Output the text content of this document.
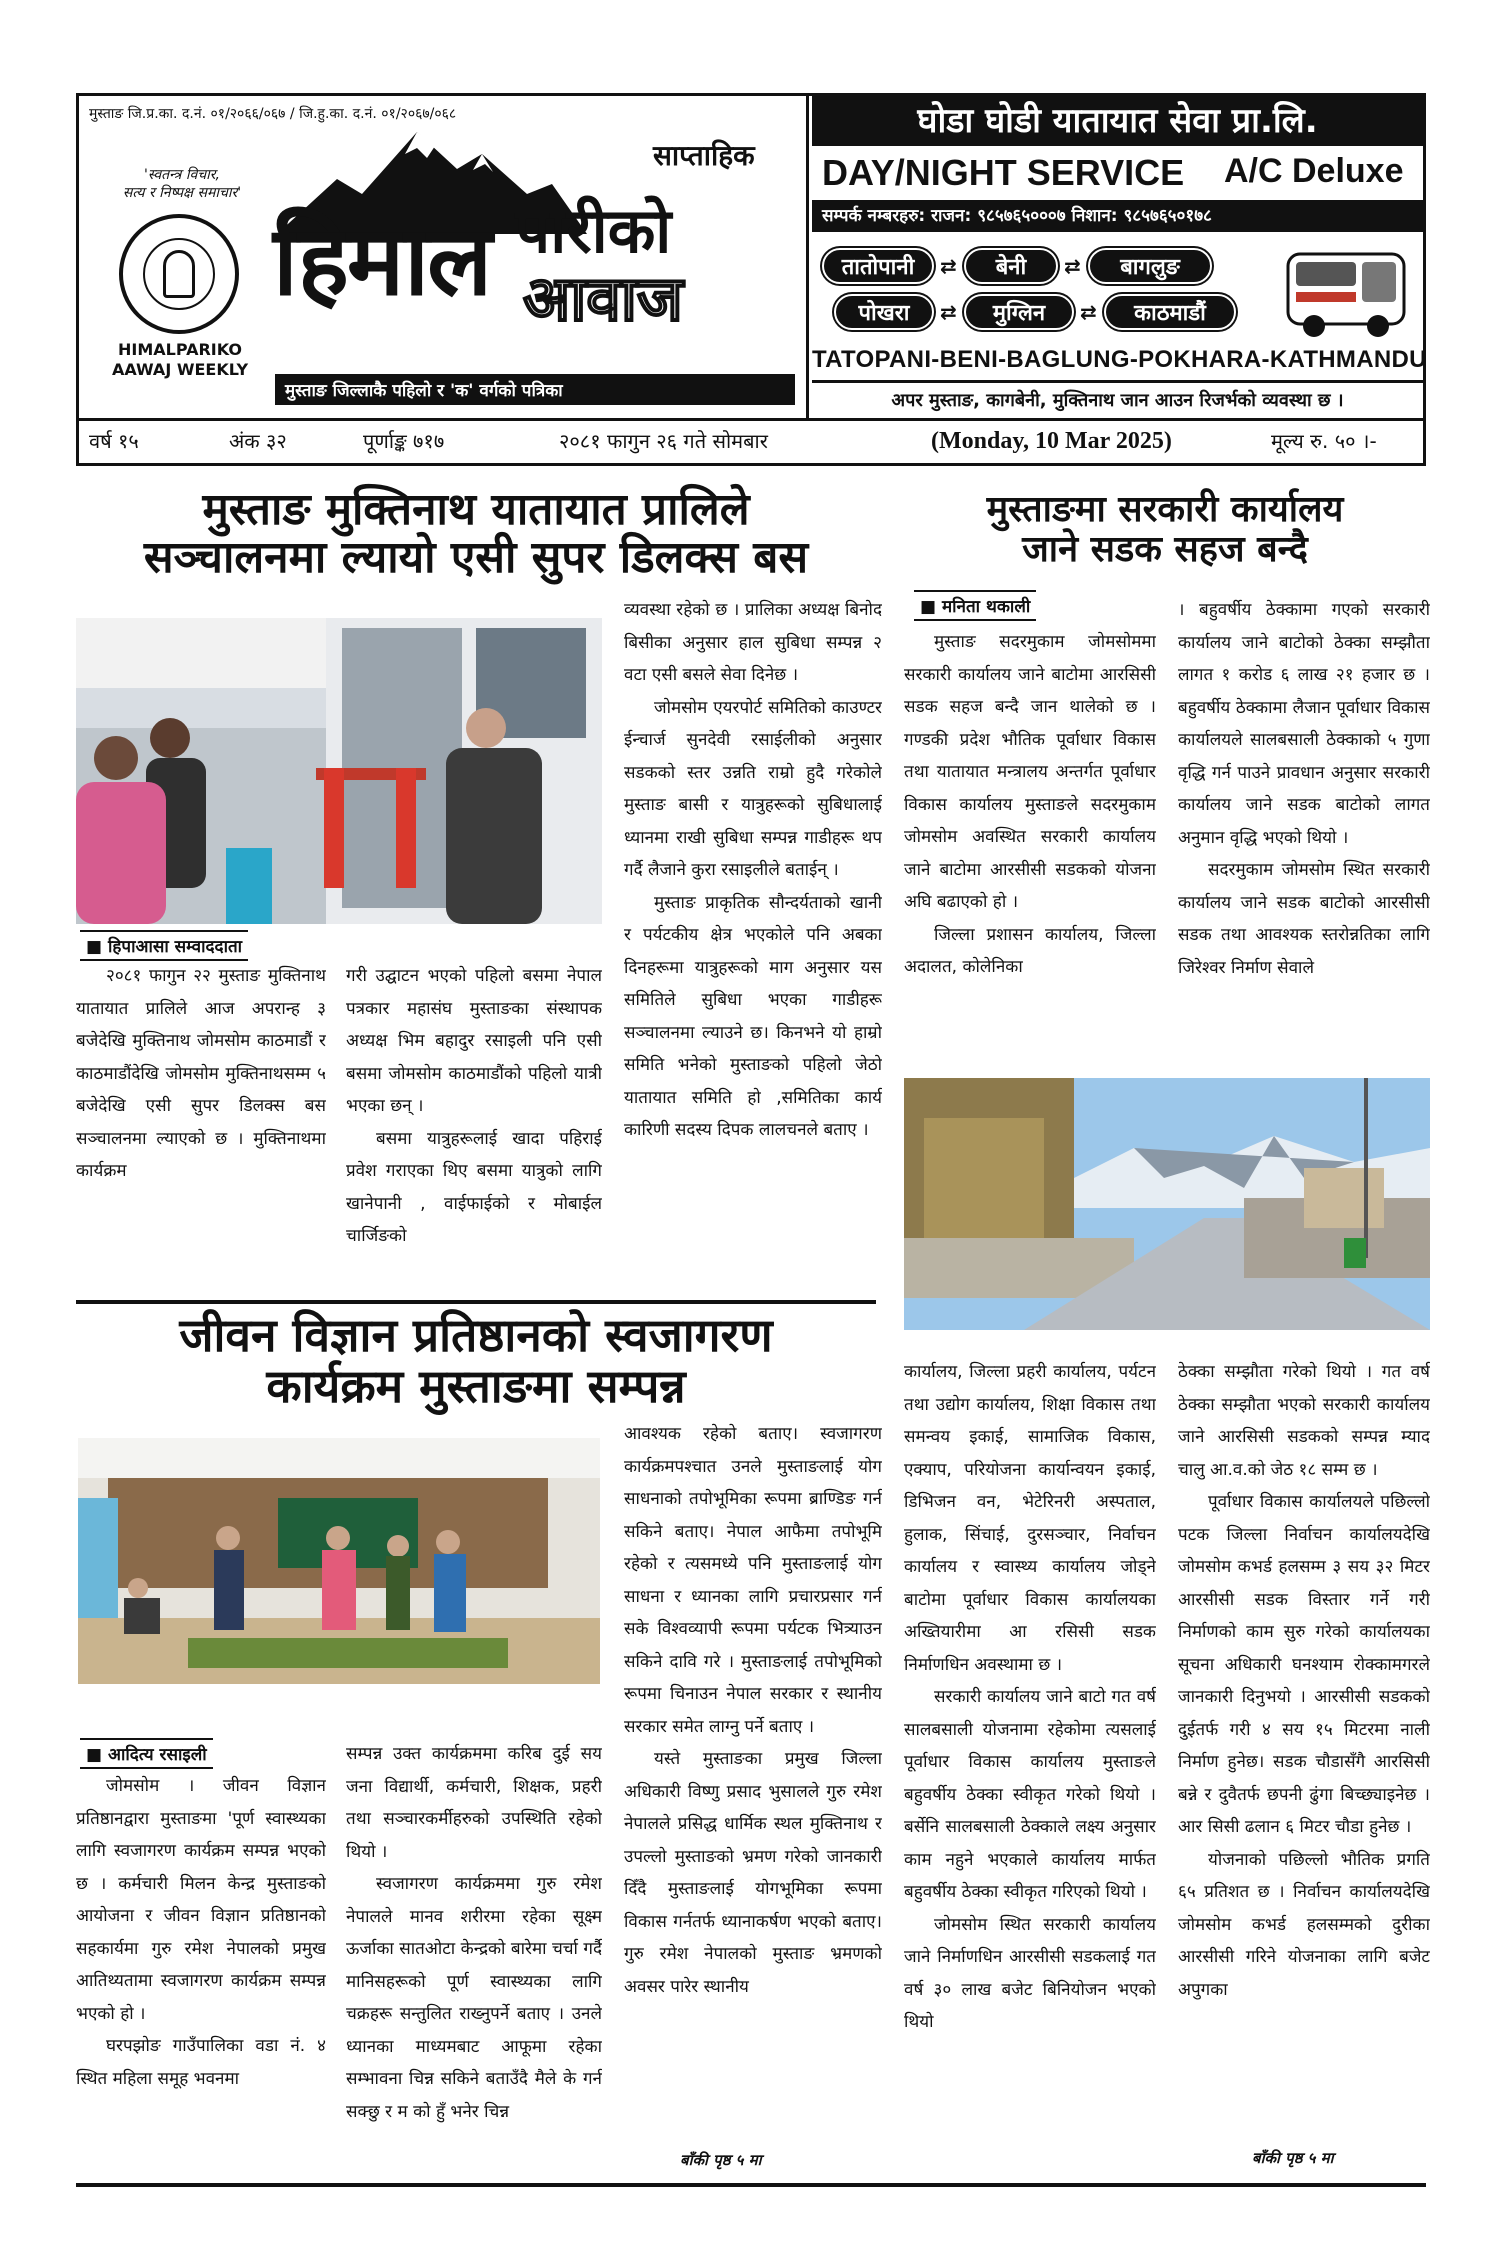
मुस्ताङ जि.प्र.का. द.नं. ०१/२०६६/०६७ / जि.हु.का. द.नं. ०१/२०६७/०६८
'स्वतन्त्र विचार,
सत्य र निष्पक्ष समाचार'
HIMALPARIKO
AAWAJ WEEKLY
साप्ताहिक
हिमाल पारीको
आवाज
मुस्ताङ जिल्लाकै पहिलो र 'क' वर्गको पत्रिका
घोडा घोडी यातायात सेवा प्रा.लि.
DAY/NIGHT SERVICE A/C Deluxe
सम्पर्क नम्बरहरु: राजन: ९८५७६५०००७ निशान: ९८५७६५०१७८
तातोपानी	⇄	बेनी	⇄	बागलुङ
पोखरा	⇄	मुग्लिन	⇄	काठमाडौं
TATOPANI-BENI-BAGLUNG-POKHARA-KATHMANDU
अपर मुस्ताङ, कागबेनी, मुक्तिनाथ जान आउन रिजर्भको व्यवस्था छ ।
वर्ष १५	अंक ३२	पूर्णाङ्क ७१७	२०८१ फागुन २६ गते सोमबार	(Monday, 10 Mar 2025)	मूल्य रु. ५० ।-
मुस्ताङ मुक्तिनाथ यातायात प्रालिले
सञ्चालनमा ल्यायो एसी सुपर डिलक्स बस
■ हिपाआसा सम्वाददाता

२०८१ फागुन २२ मुस्ताङ मुक्तिनाथ यातायात प्रालिले आज अपरान्ह ३ बजेदेखि मुक्तिनाथ जोमसोम काठमाडौं र काठमाडौंदेखि जोमसोम मुक्तिनाथसम्म ५ बजेदेखि एसी सुपर डिलक्स बस सञ्चालनमा ल्याएको छ । मुक्तिनाथमा कार्यक्रम

गरी उद्घाटन भएको पहिलो बसमा नेपाल पत्रकार महासंघ मुस्ताङका संस्थापक अध्यक्ष भिम बहादुर रसाइली पनि एसी बसमा जोमसोम काठमाडौंको पहिलो यात्री भएका छन् ।

बसमा यात्रुहरूलाई खादा पहिराई प्रवेश गराएका थिए बसमा यात्रुको लागि खानेपानी , वाईफाईको र मोबाईल चार्जिङको

व्यवस्था रहेको छ । प्रालिका अध्यक्ष बिनोद बिसीका अनुसार हाल सुबिधा सम्पन्न २ वटा एसी बसले सेवा दिनेछ ।

जोमसोम एयरपोर्ट समितिको काउण्टर ईन्चार्ज सुनदेवी रसाईलीको अनुसार सडकको स्तर उन्नति राम्रो हुदै गरेकोले मुस्ताङ बासी र यात्रुहरूको सुबिधालाई ध्यानमा राखी सुबिधा सम्पन्न गाडीहरू थप गर्दै लैजाने कुरा रसाइलीले बताईन् ।

मुस्ताङ प्राकृतिक सौन्दर्यताको खानी र पर्यटकीय क्षेत्र भएकोले पनि अबका दिनहरूमा यात्रुहरूको माग अनुसार यस समितिले सुबिधा भएका गाडीहरू सञ्चालनमा ल्याउने छ। किनभने यो हाम्रो समिति भनेको मुस्ताङको पहिलो जेठो यातायात समिति हो ,समितिका कार्य कारिणी सदस्य दिपक लालचनले बताए ।

मुस्ताङमा सरकारी कार्यालय
जाने सडक सहज बन्दै
■ मनिता थकाली

मुस्ताङ सदरमुकाम जोमसोममा सरकारी कार्यालय जाने बाटोमा आरसिसी सडक सहज बन्दै जान थालेको छ । गण्डकी प्रदेश भौतिक पूर्वाधार विकास तथा यातायात मन्त्रालय अन्तर्गत पूर्वाधार विकास कार्यालय मुस्ताङले सदरमुकाम जोमसोम अवस्थित सरकारी कार्यालय जाने बाटोमा आरसीसी सडकको योजना अघि बढाएको हो ।

जिल्ला प्रशासन कार्यालय, जिल्ला अदालत, कोलेनिका

। बहुवर्षीय ठेक्कामा गएको सरकारी कार्यालय जाने बाटोको ठेक्का सम्झौता लागत १ करोड ६ लाख २१ हजार छ । बहुवर्षीय ठेक्कामा लैजान पूर्वाधार विकास कार्यालयले सालबसाली ठेक्काको ५ गुणा वृद्धि गर्न पाउने प्रावधान अनुसार सरकारी कार्यालय जाने सडक बाटोको लागत अनुमान वृद्धि भएको थियो ।

सदरमुकाम जोमसोम स्थित सरकारी कार्यालय जाने सडक बाटोको आरसीसी सडक तथा आवश्यक स्तरोन्नतिका लागि जिरेश्वर निर्माण सेवाले

कार्यालय, जिल्ला प्रहरी कार्यालय, पर्यटन तथा उद्योग कार्यालय, शिक्षा विकास तथा समन्वय इकाई, सामाजिक विकास, एक्याप, परियोजना कार्यान्वयन इकाई, डिभिजन वन, भेटेरिनरी अस्पताल, हुलाक, सिंचाई, दुरसञ्चार, निर्वाचन कार्यालय र स्वास्थ्य कार्यालय जोड्ने बाटोमा पूर्वाधार विकास कार्यालयका अख्तियारीमा आ रसिसी सडक निर्माणधिन अवस्थामा छ ।

सरकारी कार्यालय जाने बाटो गत वर्ष सालबसाली योजनामा रहेकोमा त्यसलाई पूर्वाधार विकास कार्यालय मुस्ताङले बहुवर्षीय ठेक्का स्वीकृत गरेको थियो । बर्सेनि सालबसाली ठेक्काले लक्ष्य अनुसार काम नहुने भएकाले कार्यालय मार्फत बहुवर्षीय ठेक्का स्वीकृत गरिएको थियो ।

जोमसोम स्थित सरकारी कार्यालय जाने निर्माणधिन आरसीसी सडकलाई गत वर्ष ३० लाख बजेट बिनियोजन भएको थियो

ठेक्का सम्झौता गरेको थियो । गत वर्ष ठेक्का सम्झौता भएको सरकारी कार्यालय जाने आरसिसी सडकको सम्पन्न म्याद चालु आ.व.को जेठ १८ सम्म छ ।

पूर्वाधार विकास कार्यालयले पछिल्लो पटक जिल्ला निर्वाचन कार्यालयदेखि जोमसोम कभर्ड हलसम्म ३ सय ३२ मिटर आरसीसी सडक विस्तार गर्ने गरी निर्माणको काम सुरु गरेको कार्यालयका सूचना अधिकारी घनश्याम रोक्कामगरले जानकारी दिनुभयो । आरसीसी सडकको दुईतर्फ गरी ४ सय १५ मिटरमा नाली निर्माण हुनेछ। सडक चौडासँगै आरसिसी बन्ने र दुवैतर्फ छपनी ढुंगा बिच्छ्याइनेछ । आर सिसी ढलान ६ मिटर चौडा हुनेछ ।

योजनाको पछिल्लो भौतिक प्रगति ६५ प्रतिशत छ । निर्वाचन कार्यालयदेखि जोमसोम कभर्ड हलसम्मको दुरीका आरसीसी गरिने योजनाका लागि बजेट अपुगका

बाँकी पृष्ठ ५ मा
जीवन विज्ञान प्रतिष्ठानको स्वजागरण
कार्यक्रम मुस्ताङमा सम्पन्न
■ आदित्य रसाइली

जोमसोम । जीवन विज्ञान प्रतिष्ठानद्वारा मुस्ताङमा 'पूर्ण स्वास्थ्यका लागि स्वजागरण कार्यक्रम सम्पन्न भएको छ । कर्मचारी मिलन केन्द्र मुस्ताङको आयोजना र जीवन विज्ञान प्रतिष्ठानको सहकार्यमा गुरु रमेश नेपालको प्रमुख आतिथ्यतामा स्वजागरण कार्यक्रम सम्पन्न भएको हो ।

घरपझोङ गाउँपालिका वडा नं. ४ स्थित महिला समूह भवनमा

सम्पन्न उक्त कार्यक्रममा करिब दुई सय जना विद्यार्थी, कर्मचारी, शिक्षक, प्रहरी तथा सञ्चारकर्मीहरुको उपस्थिति रहेको थियो ।

स्वजागरण कार्यक्रममा गुरु रमेश नेपालले मानव शरीरमा रहेका सूक्ष्म ऊर्जाका सातओटा केन्द्रको बारेमा चर्चा गर्दै मानिसहरूको पूर्ण स्वास्थ्यका लागि चक्रहरू सन्तुलित राख्नुपर्ने बताए । उनले ध्यानका माध्यमबाट आफूमा रहेका सम्भावना चिन्न सकिने बताउँदै मैले के गर्न सक्छु र म को हुँ भनेर चिन्न

आवश्यक रहेको बताए। स्वजागरण कार्यक्रमपश्चात उनले मुस्ताङलाई योग साधनाको तपोभूमिका रूपमा ब्राण्डिङ गर्न सकिने बताए। नेपाल आफैमा तपोभूमि रहेको र त्यसमध्ये पनि मुस्ताङलाई योग साधना र ध्यानका लागि प्रचारप्रसार गर्न सके विश्वव्यापी रूपमा पर्यटक भित्र्याउन सकिने दावि गरे । मुस्ताङलाई तपोभूमिको रूपमा चिनाउन नेपाल सरकार र स्थानीय सरकार समेत लाग्नु पर्ने बताए ।

यस्ते मुस्ताङका प्रमुख जिल्ला अधिकारी विष्णु प्रसाद भुसालले गुरु रमेश नेपालले प्रसिद्ध धार्मिक स्थल मुक्तिनाथ र उपल्लो मुस्ताङको भ्रमण गरेको जानकारी दिँदै मुस्ताङलाई योगभूमिका रूपमा विकास गर्नतर्फ ध्यानाकर्षण भएको बताए। गुरु रमेश नेपालको मुस्ताङ भ्रमणको अवसर पारेर स्थानीय

बाँकी पृष्ठ ५ मा
